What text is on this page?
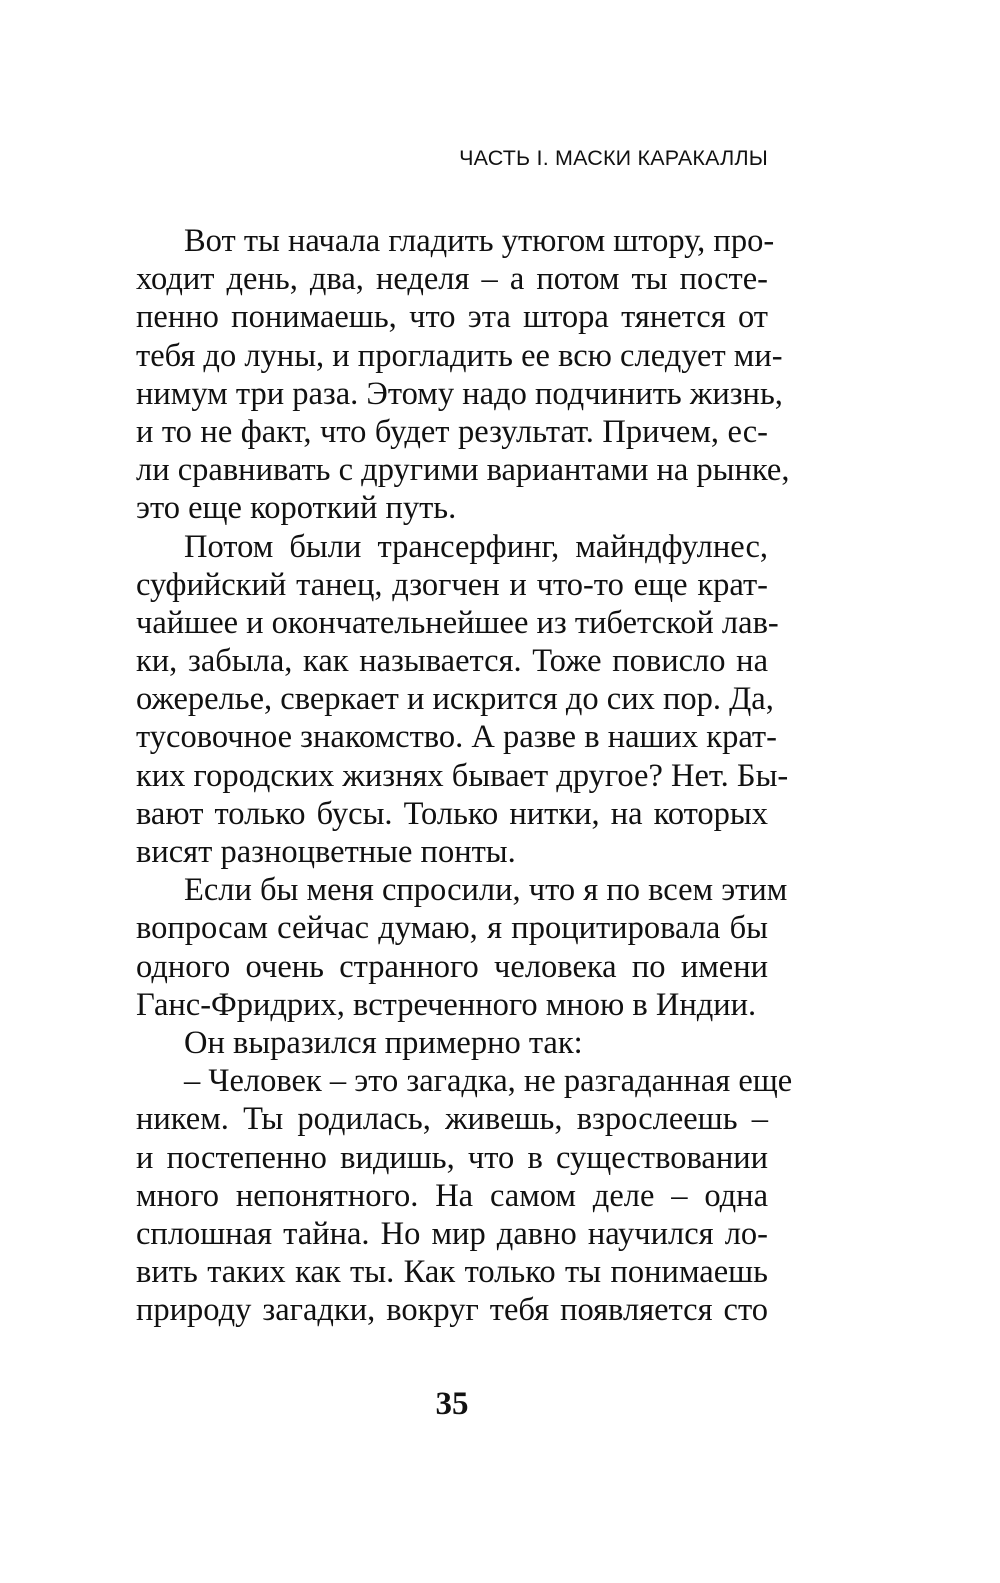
ЧАСТЬ I. МАСКИ КАРАКАЛЛЫ
Вот ты начала гладить утюгом штору, про-
ходит день, два, неделя – а потом ты посте-
пенно понимаешь, что эта штора тянется от
тебя до луны, и прогладить ее всю следует ми-
нимум три раза. Этому надо подчинить жизнь,
и то не факт, что будет результат. Причем, ес-
ли сравнивать с другими вариантами на рынке,
это еще короткий путь.
Потом были трансерфинг, майндфулнес,
суфийский танец, дзогчен и что-то еще крат-
чайшее и окончательнейшее из тибетской лав-
ки, забыла, как называется. Тоже повисло на
ожерелье, сверкает и искрится до сих пор. Да,
тусовочное знакомство. А разве в наших крат-
ких городских жизнях бывает другое? Нет. Бы-
вают только бусы. Только нитки, на которых
висят разноцветные понты.
Если бы меня спросили, что я по всем этим
вопросам сейчас думаю, я процитировала бы
одного очень странного человека по имени
Ганс-Фридрих, встреченного мною в Индии.
Он выразился примерно так:
– Человек – это загадка, не разгаданная еще
никем. Ты родилась, живешь, взрослеешь –
и постепенно видишь, что в существовании
много непонятного. На самом деле – одна
сплошная тайна. Но мир давно научился ло-
вить таких как ты. Как только ты понимаешь
природу загадки, вокруг тебя появляется сто
35
